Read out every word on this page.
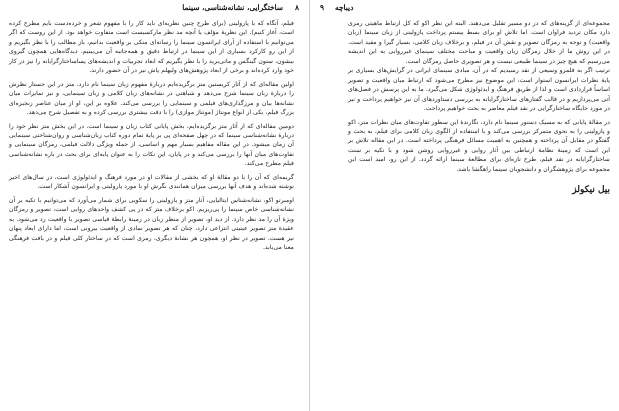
۸
ساختگرایی، نشانه‌شناسی، سینما

فیلم، آنگاه که با پارولیتی (برای طرح چنین نظریه‌ای باید کار را با مفهوم شعر و خرده‌دست بایم مطرح کرده است، آغاز کنیم). این نظریهٔ مؤلف یا آنچه مد نظر مارکسیست است متفاوت خواهد بود. از این روست که اگر می‌توانیم با استفاده از آرای ایرانسون سینما را رسانه‌ای متکی بر واقعیت بدانیم، باز مطالب را با نظر بگیریم و از این رو کارکرد بسیاری از این سینما در ارتباط دقیق و همه‌جانبه آن می‌بینیم. دیدگاه‌هایی همچون گیروی بیشون، ستون گینگس و ماتی‌برید را با نظر بگیریم که ابعاد تجربیات و اندیشه‌های پساساختارگرایانه را نیز در کار خود وارد کرده‌اند و برخی از ابعاد پژوهش‌های ولیهلم پاش نیز در آن حضور دارند.

اولین مقاله‌ای که از آثار کریستین متز برگزیده‌ایم دربارهٔ مفهوم زبان سینما نام دارد. متز در این جستار نظرش را دربارهٔ زبان سینما شرح می‌دهد و شباهتی در نشانه‌های زبان کلامی و زبان سینمایی، و نیز تمایزات میان نشانه‌ها بیان و مرزگذاری‌های فیلمی و سینمایی را بررسی می‌کند. علاوه بر این، او از میان عناصر زنجیره‌ای بزرگ فیلم، یکی از انواع مونتاژ (مونتاژ موازی) را با دقت بیشتری بررسی کرده و به تفصیل شرح می‌دهد.

دومین مقاله‌ای که از آثار متز برگزیده‌ایم، بخش پایانی کتاب زبان و سینما است. در این بخش متز نظر خود را دربارهٔ نشانه‌شناسی سینما که در چهل صفحه‌ای پی بر پایهٔ تمام دوره کتاب زبان‌شناسی و روان‌شناختی سینمایی آن زمان میشود. در این مقاله مفاهیم بسیار مهم و اساسی، از جمله ویژگی دلالت فیلمی، رمزگان سینمایی و تفاوت‌های میان آنها را بررسی می‌کند و در پایان، این نکات را به عنوان پایه‌ای برای بحث در باره نشانه‌شناسی فیلم مطرح می‌کند.

گریمه‌ای که آن را با دو مقالهٔ او که بخشی از مقالات او در مورد فرهنگ و ایدئولوژی است، در سال‌های اخیر نوشته شده‌اند و هدف آنها بررسی میزان همانندی نگرش او با مورد پارولیتی و ایرانسون آشکار است.

اومبرتو اکو، نشانه‌شناس ایتالیایی، آثار متز و پازولینی را سکویی برای شمار می‌آورد که می‌توانیم با تکیه بر آن نشانه‌شناسی خاص سینما را پی‌ریزیم. اکو برخلاف متز که در پی کشف واحدهای روایی است، تصویر و رمزگان ویژهٔ آن را مد نظر دارد. از دید او، تصویر از منظر زبان در زمینهٔ رابطهٔ قیاسی تصویر با واقعیت رد می‌شود. به عقیدهٔ متز تصویر عینیتی انتزاعی دارد، چنان که هر تصویر نمادی از واقعیت بیرونی است، اما دارای ابعاد پنهان نیز هست. تصویر در نظر او، همچون هر نشانهٔ دیگری، رمزی است که در ساختار کلی فیلم و در بافت فرهنگی معنا می‌یابد.

۹ دیباچه

مجموعه‌ای از گزینه‌های که در دو مسیر تقلیل می‌دهند. البته این نظر اکو که کل ارتباط ماهیتی رمزی دارد مکان تردید فراوان است. اما تلاش او برای بسط بیستم پرداخت پازولینی از زبان سینما (زبان واقعیت) و توجه به رمزگان تصویر و نقش آن در فیلم، و برخلاف زبان کلامی، بسیار گیرا و مفید است. در این روش ما از خلال رمزگان زبان واقعیت و مباحث مختلف سینمای غیرروایی به این اندیشه می‌رسیم که هیچ چیز در سینما طبیعی نیست و هر تصویری حاصل رمزگان است.

ترتیب اگر به قلمرو وسیعی از نقد رسیدیم که در آن، مبادی سینمای ایرانی در گرایش‌های بسیاری بر پایهٔ نظرات ایرانسون استوار است، این موضوع نیز مطرح می‌شود که ارتباط میان واقعیت و تصویر اساساً قراردادی است و لذا از طریق فرهنگ و ایدئولوژی شکل می‌گیرد. ما به این پرسش در فصل‌های آتی می‌پردازیم و در قالب گفتارهای ساختارگرایانه به بررسی دستاوردهای آن نیز خواهیم پرداخت و نیز در مورد جایگاه ساختارگرایی در نقد فیلم معاصر به بحث خواهیم پرداخت.

در مقالهٔ پایانی که به مسیک دستور سینما نام دارد، نگارندهٔ این سطور تفاوت‌های میان نظرات متز، اکو و پازولینی را به نحوی متمرکز بررسی می‌کند و با استفاده از الگوی زبان کلامی برای فیلم، به بحث و گفتگو در مقابل آن پرداخته و همچنین به اهمیت مسائل فرهنگی پرداخته است. در این مقاله تلاش بر این است که زمینهٔ نظامهٔ ارتباطی بین آثار روایی و غیرروایی روشن شود و با تکیه بر سنت ساختارگرایانه در نقد فیلم، طرح تازه‌ای برای مطالعهٔ سینما ارائه گردد. از این رو، امید است این مجموعه برای پژوهشگران و دانشجویان سینما راهگشا باشد.

بیل نیکولز
